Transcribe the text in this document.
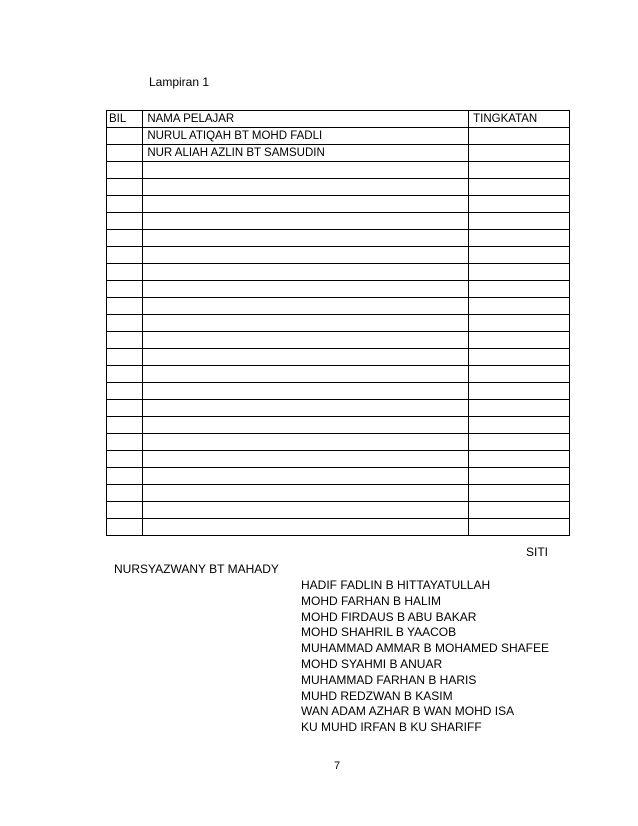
Lampiran 1
BIL	NAMA PELAJAR	TINGKATAN
	NURUL ATIQAH BT MOHD FADLI	
	NUR ALIAH AZLIN BT SAMSUDIN	

SITI
NURSYAZWANY BT MAHADY
HADIF FADLIN B HITTAYATULLAH
MOHD FARHAN B HALIM
MOHD FIRDAUS B ABU BAKAR
MOHD SHAHRIL B YAACOB
MUHAMMAD AMMAR B MOHAMED SHAFEE
MOHD SYAHMI B ANUAR
MUHAMMAD FARHAN B HARIS
MUHD REDZWAN B KASIM
WAN ADAM AZHAR B WAN MOHD ISA
KU MUHD IRFAN B KU SHARIFF
7
